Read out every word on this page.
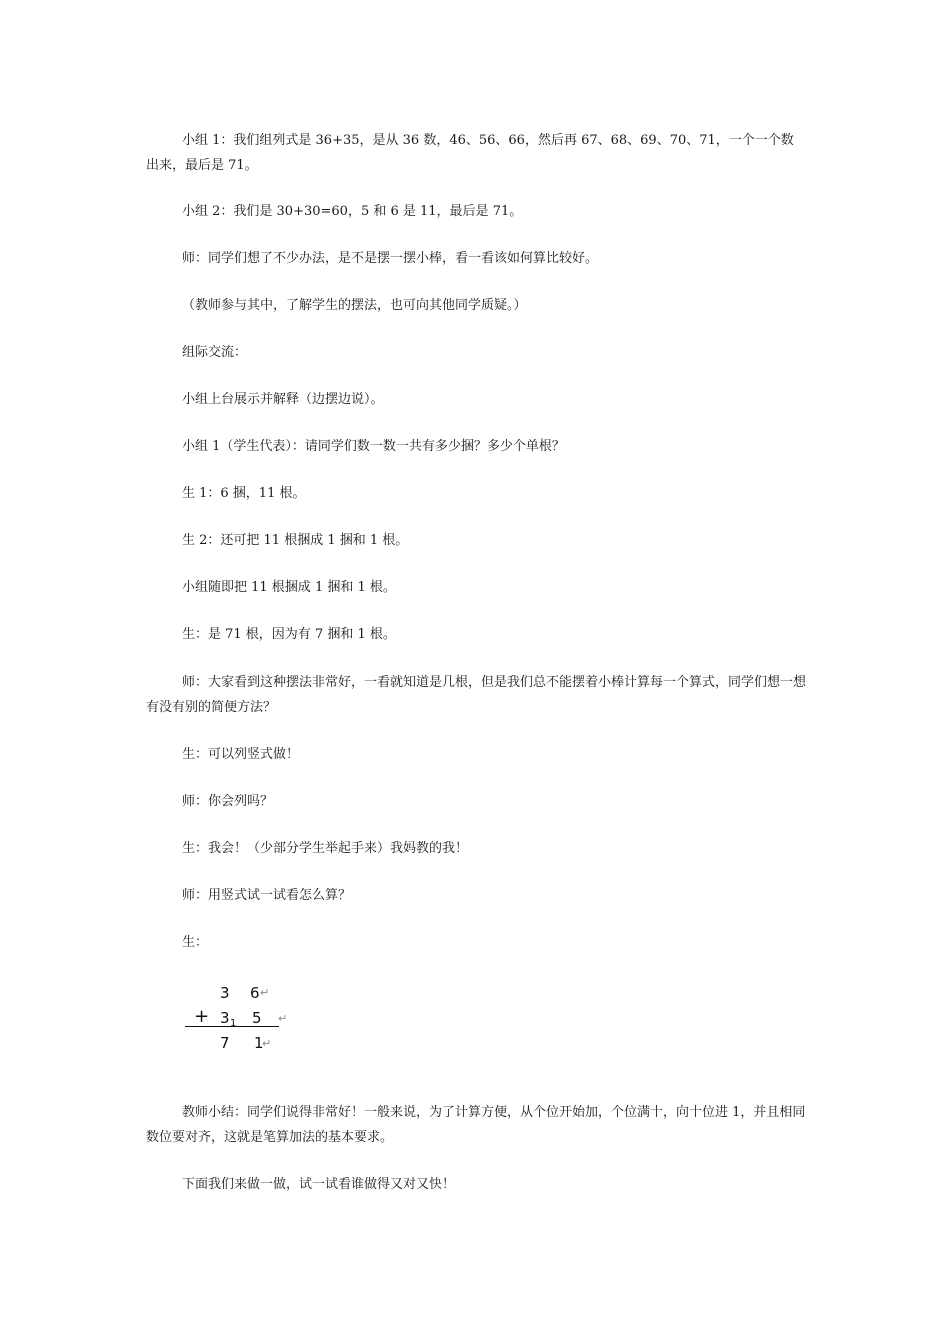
小组 1：我们组列式是 36+35，是从 36 数，46、56、66，然后再 67、68、69、70、71，一个一个数出来，最后是 71。

小组 2：我们是 30+30=60，5 和 6 是 11，最后是 71。

师：同学们想了不少办法，是不是摆一摆小棒，看一看该如何算比较好。

（教师参与其中，了解学生的摆法，也可向其他同学质疑。）

组际交流：

小组上台展示并解释（边摆边说）。

小组 1（学生代表）：请同学们数一数一共有多少捆？多少个单根？

生 1：6 捆，11 根。

生 2：还可把 11 根捆成 1 捆和 1 根。

小组随即把 11 根捆成 1 捆和 1 根。

生：是 71 根，因为有 7 捆和 1 根。

师：大家看到这种摆法非常好，一看就知道是几根，但是我们总不能摆着小棒计算每一个算式，同学们想一想有没有别的简便方法？

生：可以列竖式做！

师：你会列吗？

生：我会！（少部分学生举起手来）我妈教的我！

师：用竖式试一试看怎么算？

生：

3 6 ↵
+ 3 1 5 ↵
7 1
↵

教师小结：同学们说得非常好！一般来说，为了计算方便，从个位开始加，个位满十，向十位进 1，并且相同数位要对齐，这就是笔算加法的基本要求。

下面我们来做一做，试一试看谁做得又对又快！
